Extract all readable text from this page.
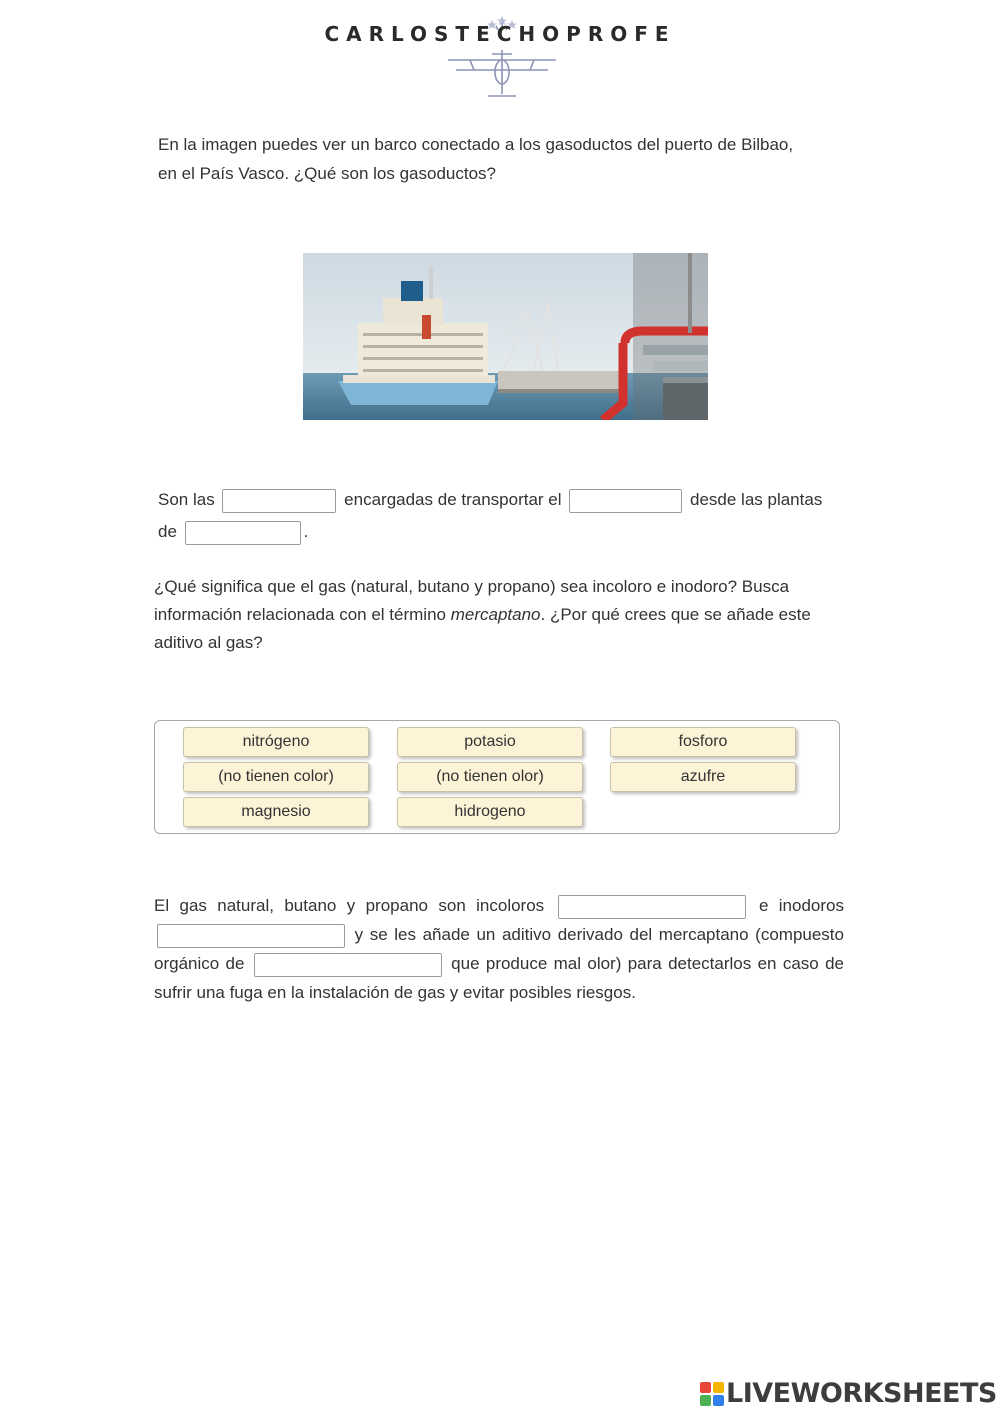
CARLOSTECHOPROFE
En la imagen puedes ver un barco conectado a los gasoductos del puerto de Bilbao,
en el País Vasco. ¿Qué son los gasoductos?
Son las	encargadas de transportar el	desde las plantas
de	.
¿Qué significa que el gas (natural, butano y propano) sea incoloro e inodoro? Busca
información relacionada con el término mercaptano. ¿Por qué crees que se añade este
aditivo al gas?
nitrógeno	potasio	fosforo
(no tienen color)	(no tienen olor)	azufre
magnesio	hidrogeno
El gas natural, butano y propano son incoloros	e inodoros  y se les añade un aditivo derivado del mercaptano (compuesto orgánico de	que produce mal olor) para detectarlos en caso de sufrir una fuga en la instalación de gas y evitar posibles riesgos.
LIVEWORKSHEETS
